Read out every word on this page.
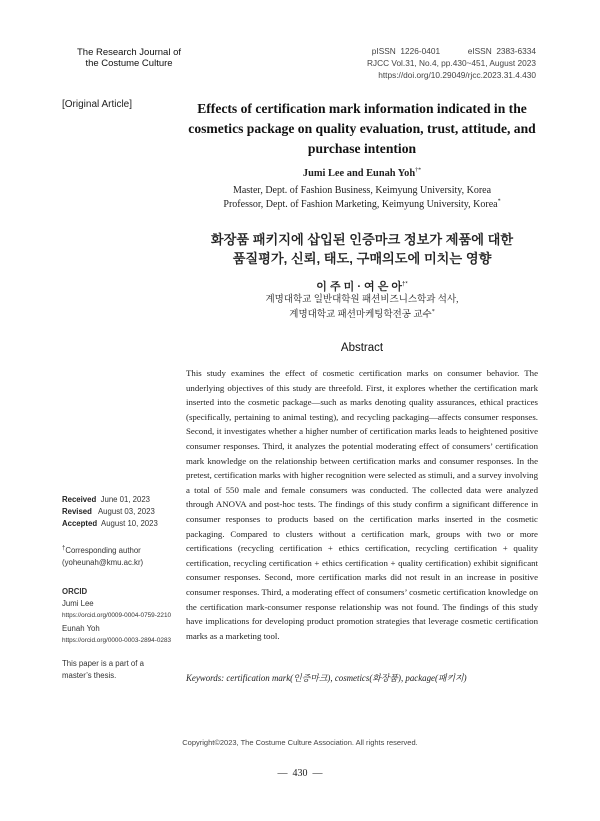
The Research Journal of
the Costume Culture
pISSN  1226-0401            eISSN  2383-6334
RJCC Vol.31, No.4, pp.430~451, August 2023
https://doi.org/10.29049/rjcc.2023.31.4.430
[Original Article]	Effects of certification mark information indicated in the cosmetics package on quality evaluation, trust, attitude, and purchase intention
Jumi Lee and Eunah Yoh†*
Master, Dept. of Fashion Business, Keimyung University, Korea
Professor, Dept. of Fashion Marketing, Keimyung University, Korea*
화장품 패키지에 삽입된 인증마크 정보가 제품에 대한
품질평가, 신뢰, 태도, 구매의도에 미치는 영향
이 주 미 · 여 은 아†*
계명대학교 일반대학원 패션비즈니스학과 석사,
계명대학교 패션마케팅학전공 교수*
Abstract
This study examines the effect of cosmetic certification marks on consumer behavior. The underlying objectives of this study are threefold. First, it explores whether the certification mark inserted into the cosmetic package—such as marks denoting quality assurances, ethical practices (specifically, pertaining to animal testing), and recycling packaging—affects consumer responses. Second, it investigates whether a higher number of certification marks leads to heightened positive consumer responses. Third, it analyzes the potential moderating effect of consumers’ certification mark knowledge on the relationship between certification marks and consumer responses. In the pretest, certification marks with higher recognition were selected as stimuli, and a survey involving a total of 550 male and female consumers was conducted. The collected data were analyzed through ANOVA and post-hoc tests. The findings of this study confirm a significant difference in consumer responses to products based on the certification marks inserted in the cosmetic packaging. Compared to clusters without a certification mark, groups with two or more certifications (recycling certification + ethics certification, recycling certification + quality certification, recycling certification + ethics certification + quality certification) exhibit significant consumer responses. Second, more certification marks did not result in an increase in positive consumer responses. Third, a moderating effect of consumers’ cosmetic certification knowledge on the certification mark-consumer response relationship was not found. The findings of this study have implications for developing product promotion strategies that leverage cosmetic certification marks as a marketing tool.
Keywords: certification mark(인증마크), cosmetics(화장품), package(패키지)
Received June 01, 2023
Revised August 03, 2023
Accepted August 10, 2023
†Corresponding author
(yoheunah@kmu.ac.kr)
ORCID
Jumi Lee
https://orcid.org/0009-0004-0759-2210
Eunah Yoh
https://orcid.org/0000-0003-2894-0283
This paper is a part of a
master’s thesis.
Copyright©2023, The Costume Culture Association. All rights reserved.
—  430  —
